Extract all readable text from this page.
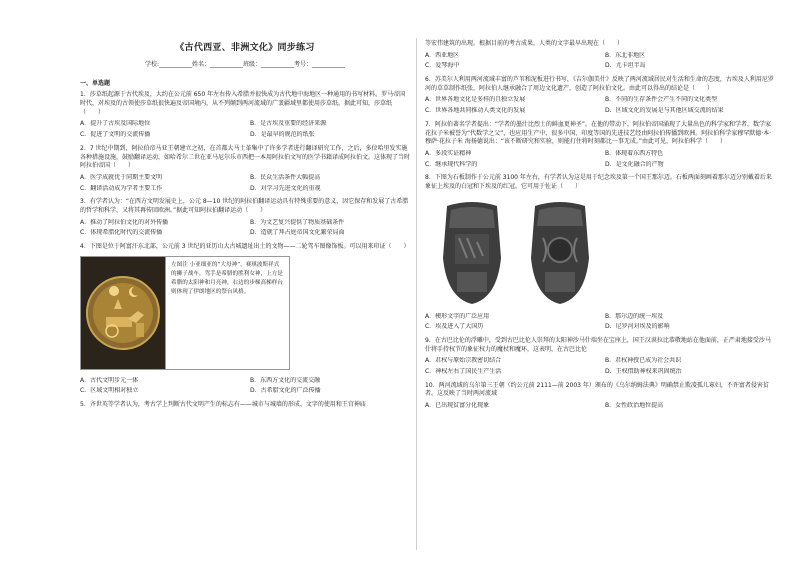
《古代西亚、非洲文化》同步练习
学校:___________姓名：___________班级：___________考号：___________
一、单选题
1．莎草纸起源于古代埃及，大约在公元前 650 年左右传入希腊并很快成为古代地中海地区一种通用的书写材料。罗马帝国时代，对埃及的古领使莎草纸很快遍及帝国境内，从不列颠到两河流域的广袤疆域里都使用莎草纸。据此可知，莎草纸（　　）
A．提升了古埃及国际地位	B．是古埃及重要的经济来源
C．促进了文明的交流传播	D．是最早的规范的纸张
2．7 世纪中期到，阿拉伯帝马亚王朝建立之初，在首都大马士革集中了许多学者进行翻译研究工作，之后，多位哈里发实施各种措施设施，鼓励翻译运动，如哈希尔二世在亚马尼尔乐市西把一本用阿拉伯文写的医学书籍译成阿拉伯文。这体现了当时阿拉伯帝国（　　）
A．医学成就优于同期主要文明	B．民众生活条件大幅提高
C．翻译活动成为学者主要工作	D．对学习先进文化的重视
3．有学者认为：“在西方文明发展史上，公元 8—10 世纪的阿拉伯翻译运动具有特殊重要的意义，因它保存和发展了古希腊的哲学和科学，又将其再传回欧洲。”据此可知阿拉伯翻译运动（　　）
A．推动了阿拉伯文化的对外传播	B．为文艺复兴提供了物质基础条件
C．体现希腊化时代的交流传播	D．造就了拜占庭帝国文化繁荣局面
4．下图是位于阿富汗东北部，公元前 3 世纪的亚历山大古城遗址出土的文物——二轮驾车图像饰板。可以用来印证（　　）
左图注 小亚细亚的“大母神”，赛琪波斯祥式的狮子战车，驾手是希腊的胜利女神，上方是希腊的太阳神和月亮神，右边的步梯高梯样台则体现了伊朗地区的祭台风格。
A．古代文明步元一体	B．东西方文化的交流交融
C．区域文明相对独立	D．古希腊文化的广泛传播
5．齐世英等学者认为，考古学上判断古代文明产生的标志有——城市与城墙的形成、文字的使用和王宫神庙
等宏伟建筑的出现。根据目前的考古成果，人类的文字最早出现在（　　）
A．西亚地区	B．东北非地区
C．爱琴海中	D．尤卡坦半岛
6．苏美尔人利用两河流域丰富的芦苇和泥板进行书写，《吉尔伽美什》反映了两河流域居民对生活和生命的态度，古埃及人利用尼罗河的草草制作纸张，阿拉伯人继承融合了周边文化遗产，创造了阿拉伯文化。由此可以得出的结论是（　　）
A．世界各地文化是多样的且独立发展	B．不同的生存条件会产生不同的文化类型
C．世界各地共同推动人类文化的发展	D．区域文化的发展是与其他区域交流的结果
7．阿拉伯著名学者提出：“学者的墨汁比烈士的鲜血更神圣”。在他的带动下，阿拉伯帝国涌现了大量出色的科学家和学者，数学家花拉子米被誉为“代数学之父”，也应用生产中，很多中国、印度等国的先进技艺经由阿拉伯传播到欧洲。阿拉伯科学家穆罕默德·本·穆萨·花拉子米 海扬德说出：“该不断研究和实验，则能打住将时刻都比一事无成。”由此可见，阿拉伯科学（　　）
A．多段实证精神	B．体现着东西方特色
C．继承现代科学的	D．是文化融合的产物
8．下图为石板制作于公元前 3100 年左右，有学者认为这是用于纪念埃及第一个国王那尔迈。石板两面刻画着那尔迈分别戴着后来象征上埃及的白冠和下埃及的红冠。它可用于佐证（　　）
A．楔形文字的广泛应用	B．那尔迈的统一埃及
C．埃及进入了大国历	D．尼罗河对埃及的影响
9．在古巴比伦的浮雕中，受到古巴比伦人崇拜的太阳神沙马什端坐在宝座上，国王汉谟拉比恭敬地站在他面前，正严肃地接受沙马什将手持权节的象征权力的魔杖和魔环，这表明，在古巴比伦
A．君权与原始宗教密切结合	B．君权神授已成为社会共识
C．神权左右了国民生产生活	D．王权借助神权来巩固统治
10．两河流域的乌尔第三王朝（约公元前 2111—前 2003 年）颁布的《乌尔纳姆法典》明确禁止欺凌孤儿寡妇，不许富者侵害贫者。这反映了当时两河流域
A．已出现贫富分化现象	B．女性政治地位提高
